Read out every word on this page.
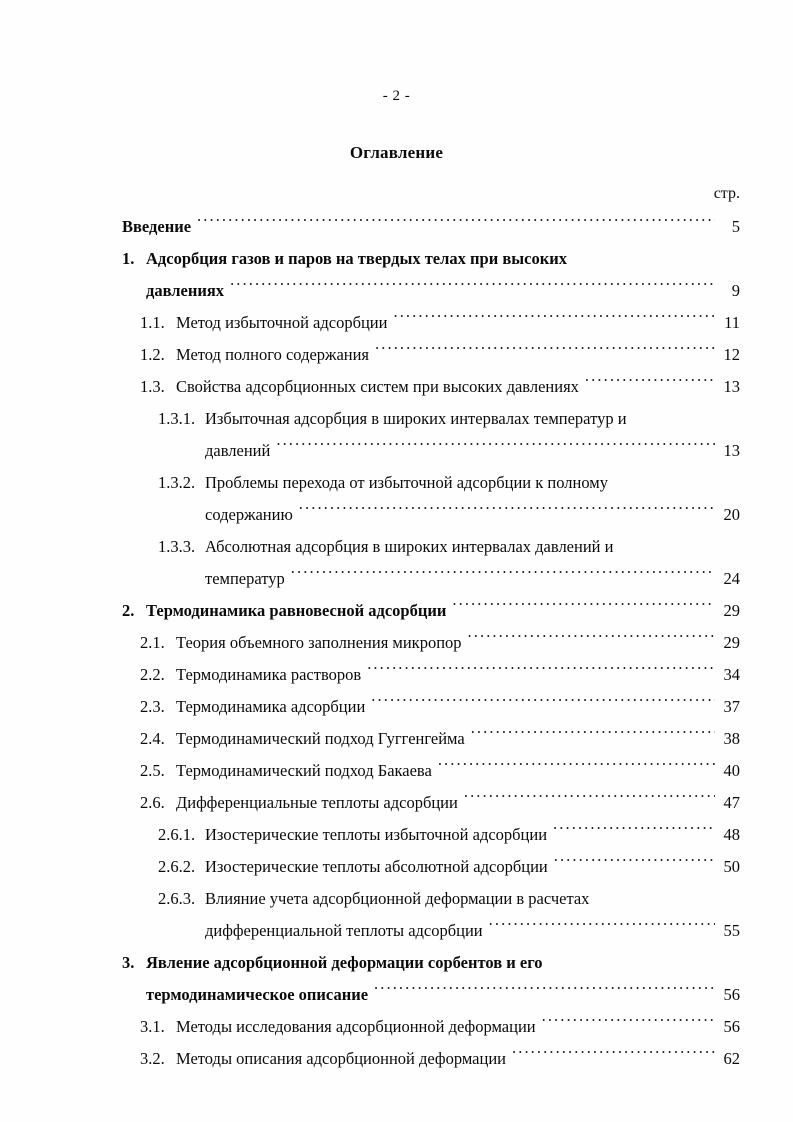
- 2 -
Оглавление
стр.
Введение .....	5
1. Адсорбция газов и паров на твердых телах при высоких
давлениях .....	9
1.1. Метод избыточной адсорбции .....	11
1.2. Метод полного содержания .....	12
1.3. Свойства адсорбционных систем при высоких давлениях .....	13
1.3.1. Избыточная адсорбция в широких интервалах температур и
давлений .....	13
1.3.2. Проблемы перехода от избыточной адсорбции к полному
содержанию .....	20
1.3.3. Абсолютная адсорбция в широких интервалах давлений и
температур .....	24
2. Термодинамика равновесной адсорбции .....	29
2.1. Теория объемного заполнения микропор .....	29
2.2. Термодинамика растворов .....	34
2.3. Термодинамика адсорбции .....	37
2.4. Термодинамический подход Гуггенгейма .....	38
2.5. Термодинамический подход Бакаева .....	40
2.6. Дифференциальные теплоты адсорбции .....	47
2.6.1. Изостерические теплоты избыточной адсорбции .....	48
2.6.2. Изостерические теплоты абсолютной адсорбции .....	50
2.6.3. Влияние учета адсорбционной деформации в расчетах
дифференциальной теплоты адсорбции .....	55
3. Явление адсорбционной деформации сорбентов и его
термодинамическое описание .....	56
3.1. Методы исследования адсорбционной деформации .....	56
3.2. Методы описания адсорбционной деформации .....	62
